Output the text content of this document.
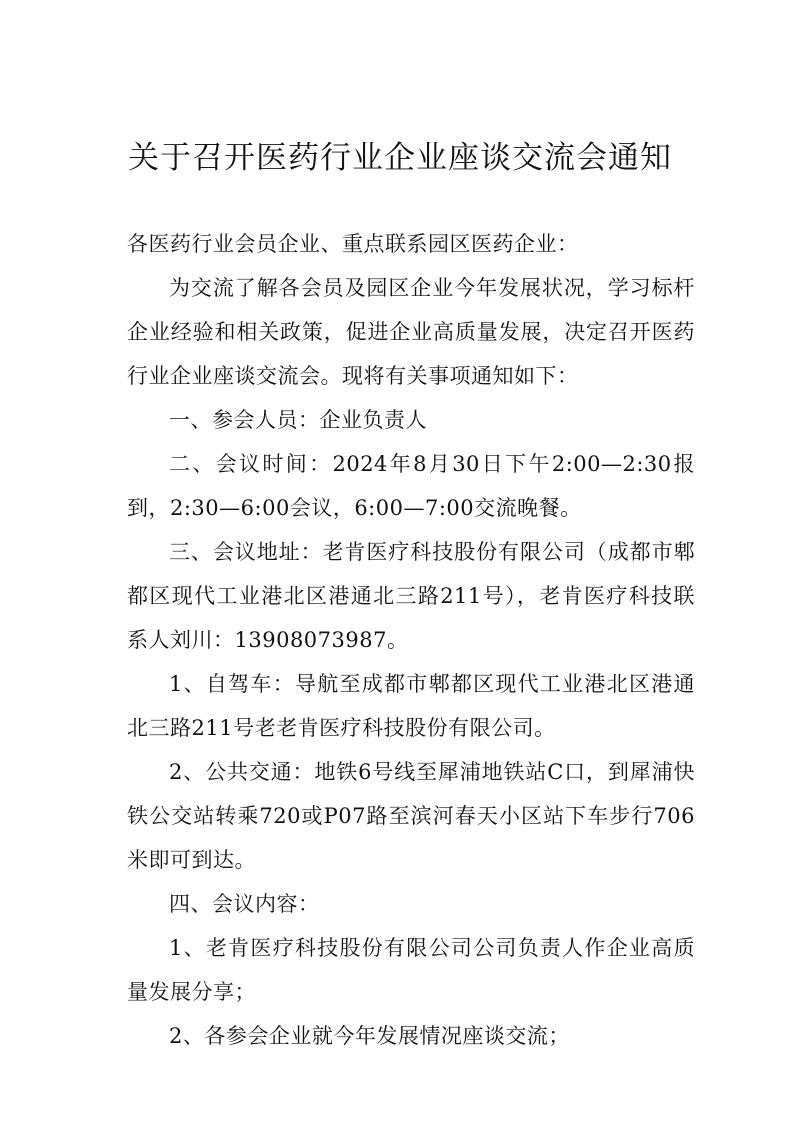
关于召开医药行业企业座谈交流会通知

各医药行业会员企业、重点联系园区医药企业：

为交流了解各会员及园区企业今年发展状况，学习标杆企业经验和相关政策，促进企业高质量发展，决定召开医药行业企业座谈交流会。现将有关事项通知如下：

一、参会人员：企业负责人

二、会议时间：2024年8月30日下午2:00—2:30报到，2:30—6:00会议，6:00—7:00交流晚餐。

三、会议地址：老肯医疗科技股份有限公司（成都市郫都区现代工业港北区港通北三路211号），老肯医疗科技联系人刘川：13908073987。

1、自驾车：导航至成都市郫都区现代工业港北区港通北三路211号老老肯医疗科技股份有限公司。

2、公共交通：地铁6号线至犀浦地铁站C口，到犀浦快铁公交站转乘720或P07路至滨河春天小区站下车步行706米即可到达。

四、会议内容：

1、老肯医疗科技股份有限公司公司负责人作企业高质量发展分享；

2、各参会企业就今年发展情况座谈交流；
